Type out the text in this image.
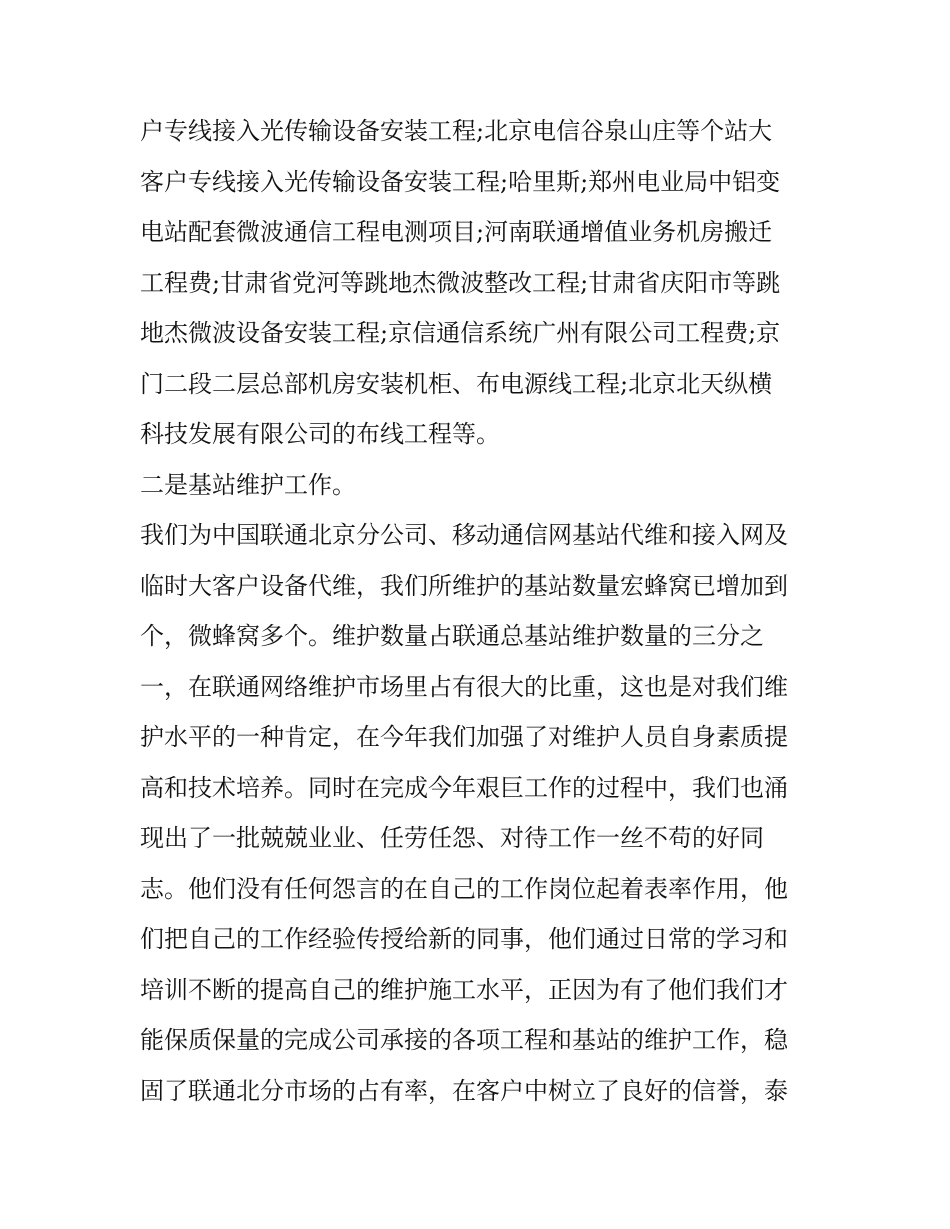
户专线接入光传输设备安装工程;北京电信谷泉山庄等个站大
客户专线接入光传输设备安装工程;哈里斯;郑州电业局中铝变
电站配套微波通信工程电测项目;河南联通增值业务机房搬迁
工程费;甘肃省党河等跳地杰微波整改工程;甘肃省庆阳市等跳
地杰微波设备安装工程;京信通信系统广州有限公司工程费;京
门二段二层总部机房安装机柜、布电源线工程;北京北天纵横
科技发展有限公司的布线工程等。
二是基站维护工作。
我们为中国联通北京分公司、移动通信网基站代维和接入网及
临时大客户设备代维，我们所维护的基站数量宏蜂窝已增加到
个，微蜂窝多个。维护数量占联通总基站维护数量的三分之
一，在联通网络维护市场里占有很大的比重，这也是对我们维
护水平的一种肯定，在今年我们加强了对维护人员自身素质提
高和技术培养。同时在完成今年艰巨工作的过程中，我们也涌
现出了一批兢兢业业、任劳任怨、对待工作一丝不苟的好同
志。他们没有任何怨言的在自己的工作岗位起着表率作用，他
们把自己的工作经验传授给新的同事，他们通过日常的学习和
培训不断的提高自己的维护施工水平，正因为有了他们我们才
能保质保量的完成公司承接的各项工程和基站的维护工作，稳
固了联通北分市场的占有率，在客户中树立了良好的信誉，泰
